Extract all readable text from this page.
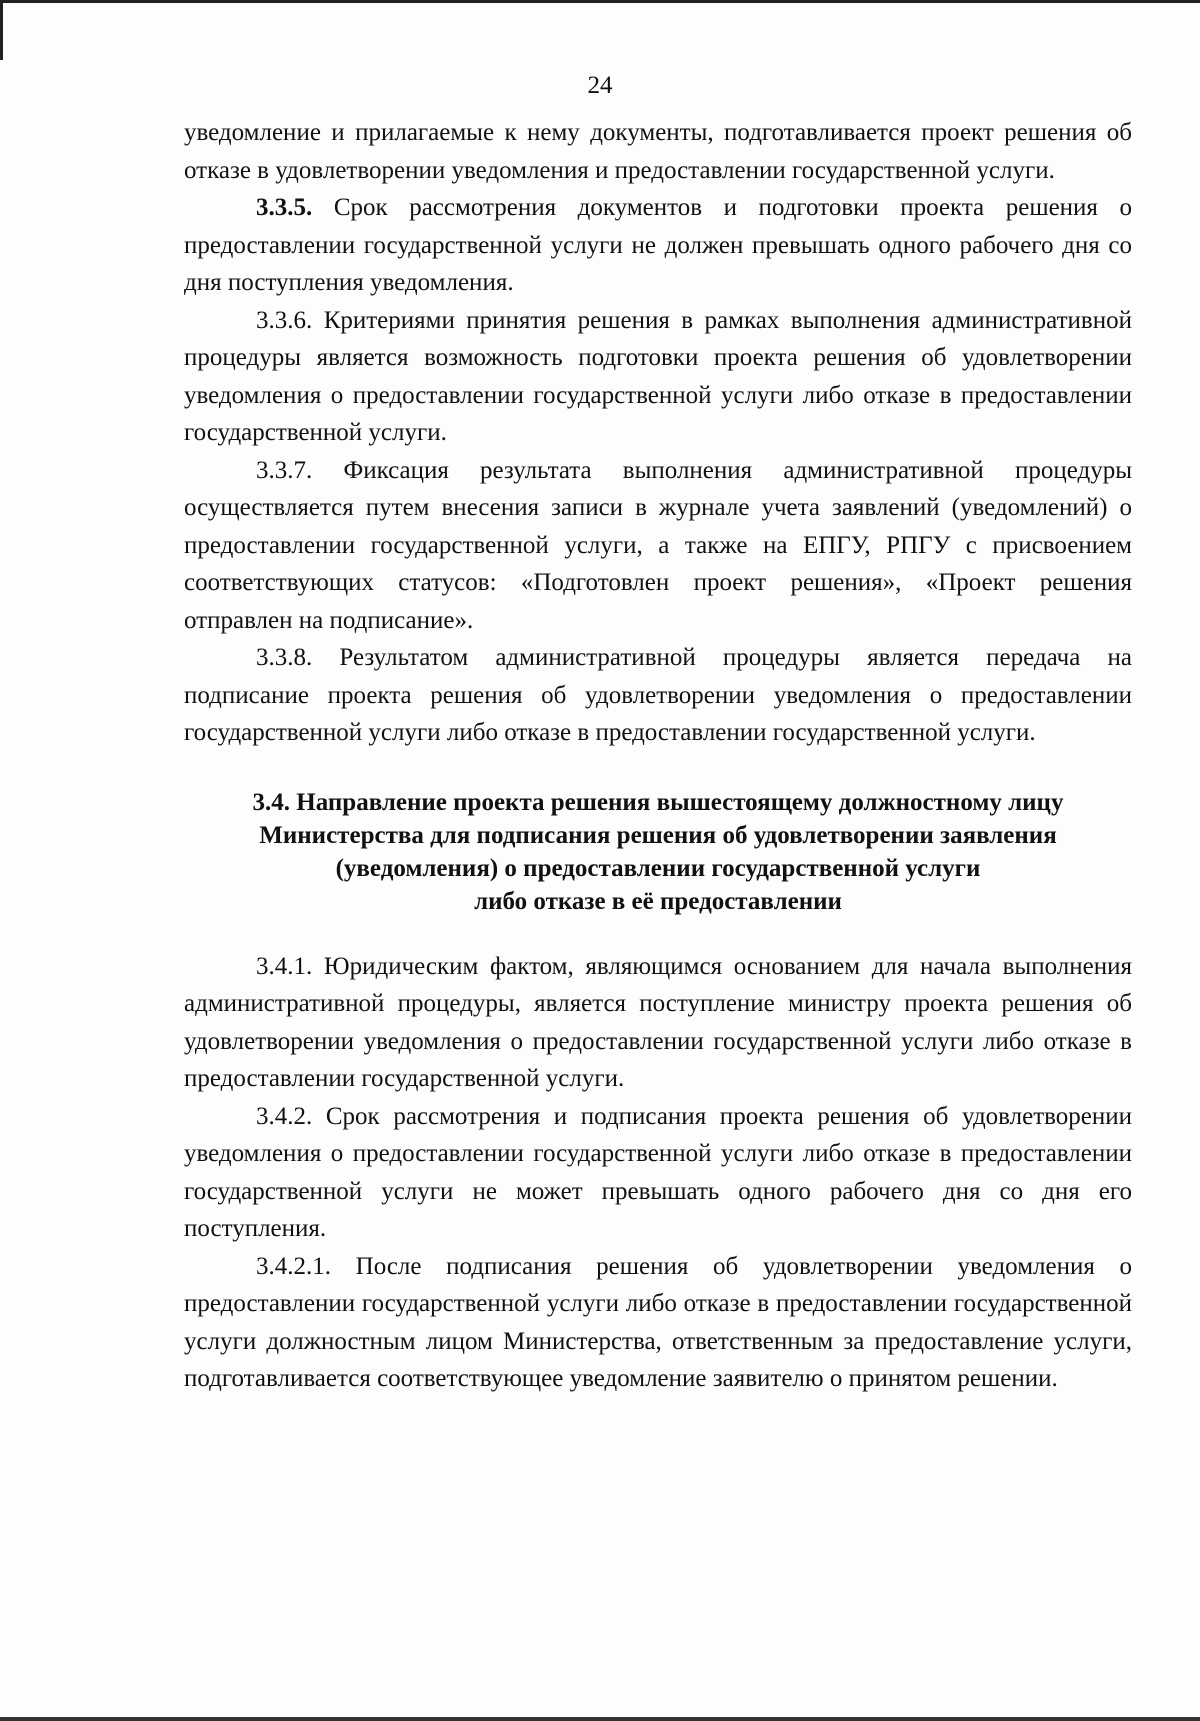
24

уведомление и прилагаемые к нему документы, подготавливается проект решения об отказе в удовлетворении уведомления и предоставлении государственной услуги.

3.3.5. Срок рассмотрения документов и подготовки проекта решения о предоставлении государственной услуги не должен превышать одного рабочего дня со дня поступления уведомления.

3.3.6. Критериями принятия решения в рамках выполнения административной процедуры является возможность подготовки проекта решения об удовлетворении уведомления о предоставлении государственной услуги либо отказе в предоставлении государственной услуги.

3.3.7. Фиксация результата выполнения административной процедуры осуществляется путем внесения записи в журнале учета заявлений (уведомлений) о предоставлении государственной услуги, а также на ЕПГУ, РПГУ с присвоением соответствующих статусов: «Подготовлен проект решения», «Проект решения отправлен на подписание».

3.3.8. Результатом административной процедуры является передача на подписание проекта решения об удовлетворении уведомления о предоставлении государственной услуги либо отказе в предоставлении государственной услуги.

3.4. Направление проекта решения вышестоящему должностному лицу
Министерства для подписания решения об удовлетворении заявления
(уведомления) о предоставлении государственной услуги
либо отказе в её предоставлении

3.4.1. Юридическим фактом, являющимся основанием для начала выполнения административной процедуры, является поступление министру проекта решения об удовлетворении уведомления о предоставлении государственной услуги либо отказе в предоставлении государственной услуги.

3.4.2. Срок рассмотрения и подписания проекта решения об удовлетворении уведомления о предоставлении государственной услуги либо отказе в предоставлении государственной услуги не может превышать одного рабочего дня со дня его поступления.

3.4.2.1. После подписания решения об удовлетворении уведомления о предоставлении государственной услуги либо отказе в предоставлении государственной услуги должностным лицом Министерства, ответственным за предоставление услуги, подготавливается соответствующее уведомление заявителю о принятом решении.
